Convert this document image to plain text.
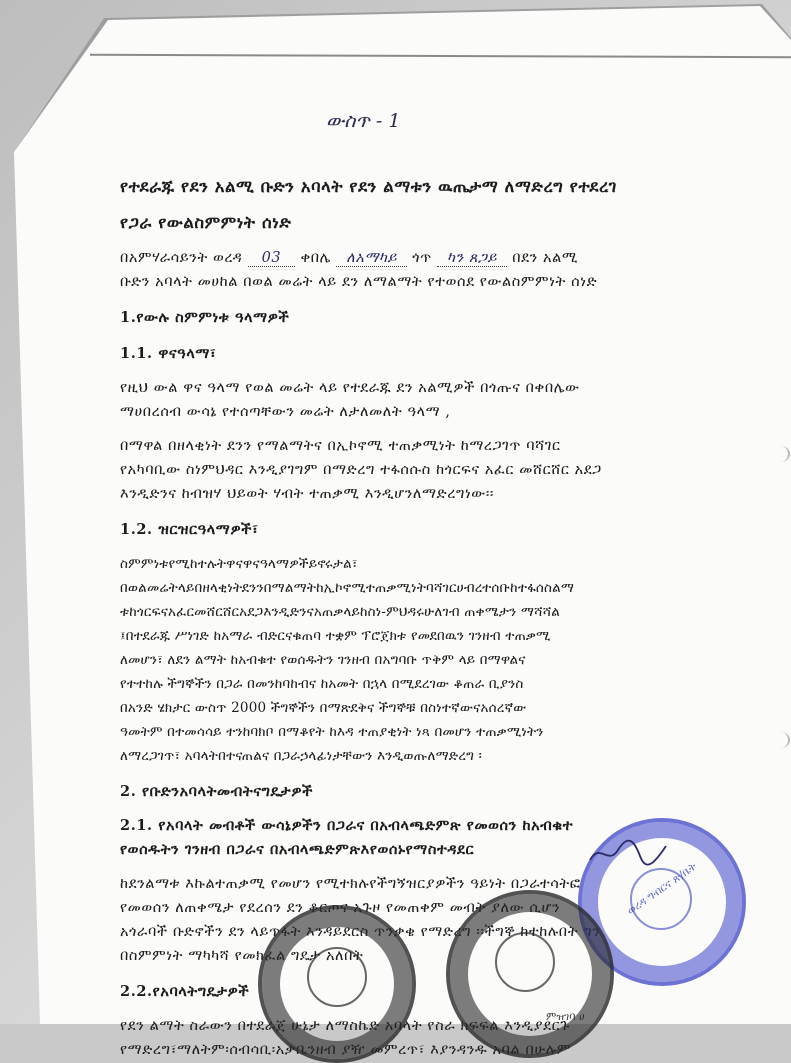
ውስጥ - 1
የተደራጁ የደን አልሚ ቡድን አባላት የደን ልማቱን ዉጤታማ ለማድረግ የተደረገ
የጋራ የውልስምምነት ሰነድ
በአምሃራሳይንት ወረዳ 03 ቀበሌ ለአማካይ ጎጥ ካን ጸጋይ በደን አልሚ
ቡድን አባላት መሀከል በወል መሬት ላይ ደን ለማልማት የተወሰደ የውልስምምነት ሰነድ
1.የውሉ ስምምነቱ ዓላማዎች
1.1. ዋናዓላማ፣
የዚህ ውል ዋና ዓላማ የወል መሬት ላይ የተደራጁ ደን አልሚዎች በጎጡና በቀበሌው
ማሀበረሰብ ውሳኔ የተሰጣቸውን መሬት ለታለመለት ዓላማ ,
በማዋል በዘላቂነት ደንን የማልማትና በኢኮኖሚ ተጠቃሚነት ከማረጋገጥ ባሻገር
የአካባቢው ስነምህዳር እንዲያገግም በማድረግ ተፋሰሱስ ከጎርፍና አፈር መሸርሸር አደጋ
እንዲድንና ከብዝሃ ህይወት ሃብት ተጠቃሚ እንዲሆንለማድረግነው፡፡
1.2. ዝርዝርዓላማዎች፣
ስምምነቱየሚከተሉትዋናዋናዓላማዎችይኖሩታል፣
በወልመሬትላይበዘላቂነትደንንበማልማትከኢኮኖሚተጠቃሚነትባሻገርሀብረተሰቡከተፋሰስልማ
ቱከጎርፍናአፈርመሸርሸርአደጋእንዲድንናአጠቃላይከስነ-ምህዳሩሁለገብ ጠቀሜታን ማሻሻል
፤በተደራጁ ሥነገድ ከአማራ ብድርናቁጠባ ተቋም ፕሮጀክቱ የመደበዉን ገንዘብ ተጠቃሚ
ለመሆን፣ ለደን ልማት ከአብቁተ የወሰዱትን ገንዘብ በአግባቡ ጥቅም ላይ በማዋልና
የተተከሉ ችግኞችን በጋራ በመንከባከብና ከአመት በኋላ በሚደረገው ቆጠራ ቢያንስ
በአንድ ሄክታር ውስጥ 2000 ችግኞችን በማጽደቅና ችግኞቹ በስነተኛውናአሰረኛው
ዓመትም በተመሳሳይ ተንከባክቦ በማቆየት ከእዳ ተጠያቂነት ነጻ በመሆን ተጠቃሚነትን
ለማረጋገጥ፣ አባላትበተናጠልና በጋራኃላፊነታቸውን እንዲወጡለማድረግ ፡
2. የቡድንአባላትመብትናግዴታዎች
2.1. የአባላት መብቶች ውሳኔዎችን በጋራና በአብላጫድምጽ የመወሰን ከአብቁተ
የወሰዱትን ገንዘብ በጋራና በአብላጫድምጽእየወሰኑየማስተዳደር
ከደንልማቱ እኩልተጠቃሚ የመሆን የሚተክሉየችግኝዝርያዎችን ዓይነት በጋራተሳትፎ
የመወሰን ለጠቀሜታ የደረሰን ደን ቆርጦና አጉዞ የመጠቀም መብት ያለው ሲሆን
አጎራባች ቡድኖችን ደን ላይጥፋት እንዳይደርስ ጥንቃቄ የማድረግ ፡፡ችግኞ ከተከሉበት ግን
በስምምነት ማካካሻ የመክፈል ግዴታ አለበት
2.2.የአባላትግዴታዎች
የደን ልማት ስራውን በተደራጀ ሁኔታ ለማስኬድ አባላት የስራ ክፍፍል እንዲያደርጉ
የማድረግ፣ማለትም፡ሰብሳቢ፡አቃቤንዘብ ያዥ መምረጥ፣ እያንዳንዱ አባል በሁሉም
ወረዳ ግብርና ጽ/ቤት
ምዝገባ ሀ
